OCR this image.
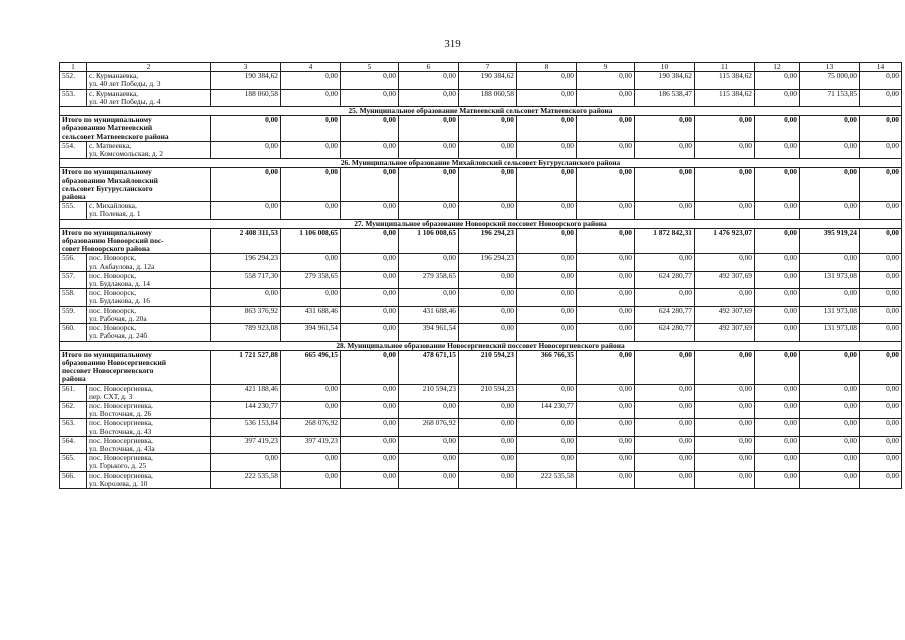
319
1	2	3	4	5	6	7	8	9	10	11	12	13	14
552.	с. Курманаевка,
ул. 40 лет Победы, д. 3	190 384,62	0,00	0,00	0,00	190 384,62	0,00	0,00	190 384,62	115 384,62	0,00	75 000,00	0,00
553.	с. Курманаевка,
ул. 40 лет Победы, д. 4	188 060,58	0,00	0,00	0,00	188 060,58	0,00	0,00	186 538,47	115 384,62	0,00	71 153,85	0,00
25. Муниципальное образование Матвеевский сельсовет Матвеевского района													

Итого по муниципальному
образованию Матвеевский
сельсовет Матвеевского района		0,00	0,00	0,00	0,00	0,00	0,00	0,00	0,00	0,00	0,00	0,00	0,00
554.	с. Матвеевка,
ул. Комсомольская, д. 2	0,00	0,00	0,00	0,00	0,00	0,00	0,00	0,00	0,00	0,00	0,00	0,00
26. Муниципальное образование Михайловский сельсовет Бугурусланского района													

Итого по муниципальному
образованию Михайловский
сельсовет Бугурусланского
района		0,00	0,00	0,00	0,00	0,00	0,00	0,00	0,00	0,00	0,00	0,00	0,00
555.	с. Михайловка,
ул. Полевая, д. 1	0,00	0,00	0,00	0,00	0,00	0,00	0,00	0,00	0,00	0,00	0,00	0,00
27. Муниципальное образование Новоорский поссовет Новоорского района													

Итого по муниципальному
образованию Новоорский пос-
совет Новоорского района		2 408 311,53	1 106 008,65	0,00	1 106 008,65	196 294,23	0,00	0,00	1 872 842,31	1 476 923,07	0,00	395 919,24	0,00
556.	пос. Новоорск,
ул. Акбаулова, д. 12а	196 294,23	0,00	0,00	0,00	196 294,23	0,00	0,00	0,00	0,00	0,00	0,00	0,00
557.	пос. Новоорск,
ул. Будлакова, д. 14	558 717,30	279 358,65	0,00	279 358,65	0,00	0,00	0,00	624 280,77	492 307,69	0,00	131 973,08	0,00
558.	пос. Новоорск,
ул. Будлакова, д. 16	0,00	0,00	0,00	0,00	0,00	0,00	0,00	0,00	0,00	0,00	0,00	0,00
559.	пос. Новоорск,
ул. Рабочая, д. 20а	863 376,92	431 688,46	0,00	431 688,46	0,00	0,00	0,00	624 280,77	492 307,69	0,00	131 973,08	0,00
560.	пос. Новоорск,
ул. Рабочая, д. 24б	789 923,08	394 961,54	0,00	394 961,54	0,00	0,00	0,00	624 280,77	492 307,69	0,00	131 973,08	0,00
28. Муниципальное образование Новосергиевский поссовет Новосергиевского района													

Итого по муниципальному
образованию Новосергиевский
поссовет Новосергиевского
района		1 721 527,88	665 496,15	0,00	478 671,15	210 594,23	366 766,35	0,00	0,00	0,00	0,00	0,00	0,00
561.	пос. Новосергиевка,
пер. СХТ, д. 3	421 188,46	0,00	0,00	210 594,23	210 594,23	0,00	0,00	0,00	0,00	0,00	0,00	0,00
562.	пос. Новосергиевка,
ул. Восточная, д. 26	144 230,77	0,00	0,00	0,00	0,00	144 230,77	0,00	0,00	0,00	0,00	0,00	0,00
563.	пос. Новосергиевка,
ул. Восточная, д. 43	536 153,84	268 076,92	0,00	268 076,92	0,00	0,00	0,00	0,00	0,00	0,00	0,00	0,00
564.	пос. Новосергиевка,
ул. Восточная, д. 43а	397 419,23	397 419,23	0,00	0,00	0,00	0,00	0,00	0,00	0,00	0,00	0,00	0,00
565.	пос. Новосергиевка,
ул. Горького, д. 25	0,00	0,00	0,00	0,00	0,00	0,00	0,00	0,00	0,00	0,00	0,00	0,00
566.	пос. Новосергиевка,
ул. Королева, д. 10	222 535,58	0,00	0,00	0,00	0,00	222 535,58	0,00	0,00	0,00	0,00	0,00	0,00
